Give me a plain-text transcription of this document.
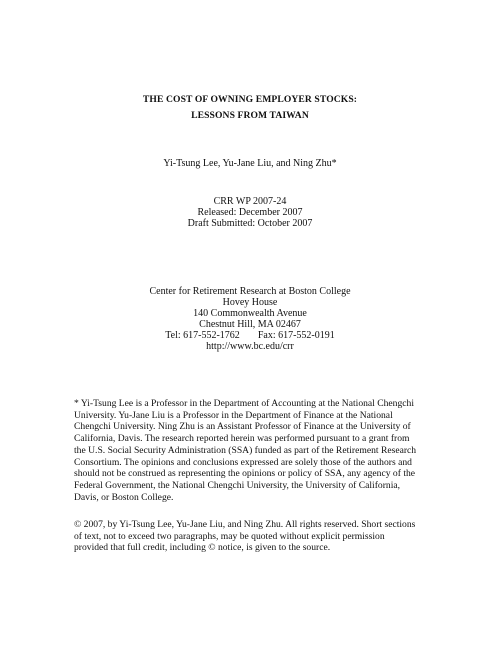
THE COST OF OWNING EMPLOYER STOCKS:
LESSONS FROM TAIWAN
Yi-Tsung Lee, Yu-Jane Liu, and Ning Zhu*
CRR WP 2007-24
Released: December 2007
Draft Submitted: October 2007
Center for Retirement Research at Boston College
Hovey House
140 Commonwealth Avenue
Chestnut Hill, MA 02467
Tel: 617-552-1762 Fax: 617-552-0191
http://www.bc.edu/crr
* Yi-Tsung Lee is a Professor in the Department of Accounting at the National Chengchi
University. Yu-Jane Liu is a Professor in the Department of Finance at the National
Chengchi University. Ning Zhu is an Assistant Professor of Finance at the University of
California, Davis. The research reported herein was performed pursuant to a grant from
the U.S. Social Security Administration (SSA) funded as part of the Retirement Research
Consortium. The opinions and conclusions expressed are solely those of the authors and
should not be construed as representing the opinions or policy of SSA, any agency of the
Federal Government, the National Chengchi University, the University of California,
Davis, or Boston College.
© 2007, by Yi-Tsung Lee, Yu-Jane Liu, and Ning Zhu. All rights reserved. Short sections
of text, not to exceed two paragraphs, may be quoted without explicit permission
provided that full credit, including © notice, is given to the source.
